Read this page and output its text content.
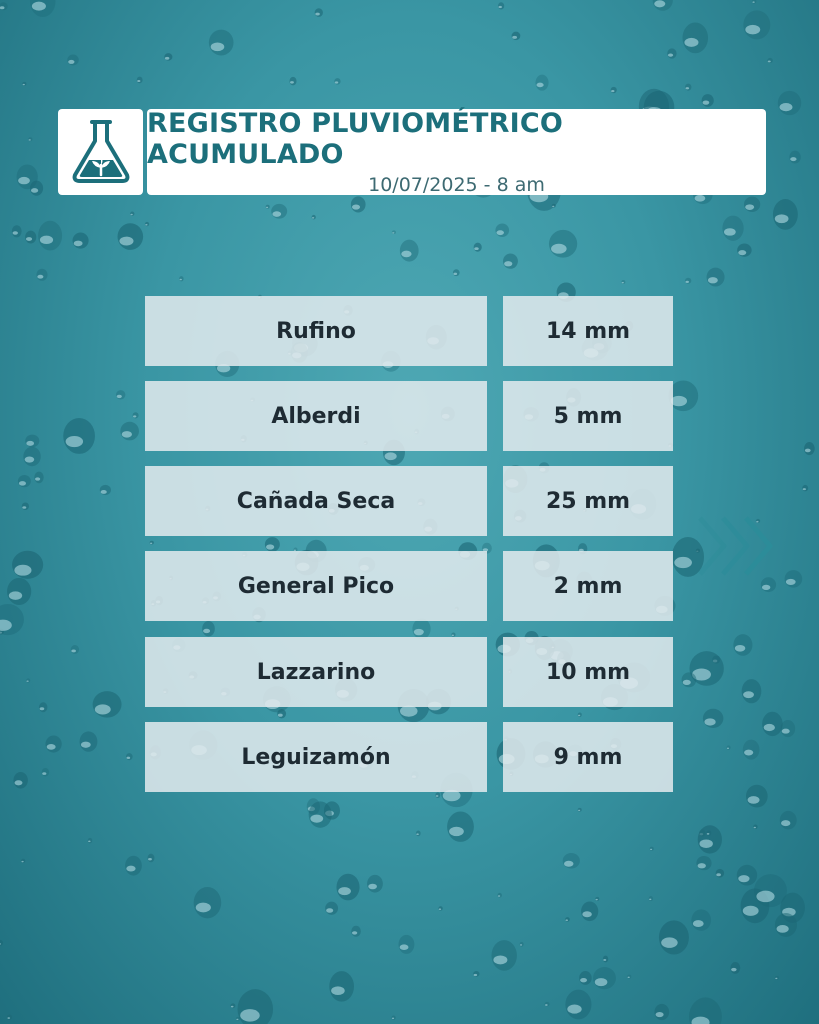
REGISTRO PLUVIOMÉTRICO ACUMULADO
10/07/2025 - 8 am
Rufino	14 mm
Alberdi	5 mm
Cañada Seca	25 mm
General Pico	2 mm
Lazzarino	10 mm
Leguizamón	9 mm
